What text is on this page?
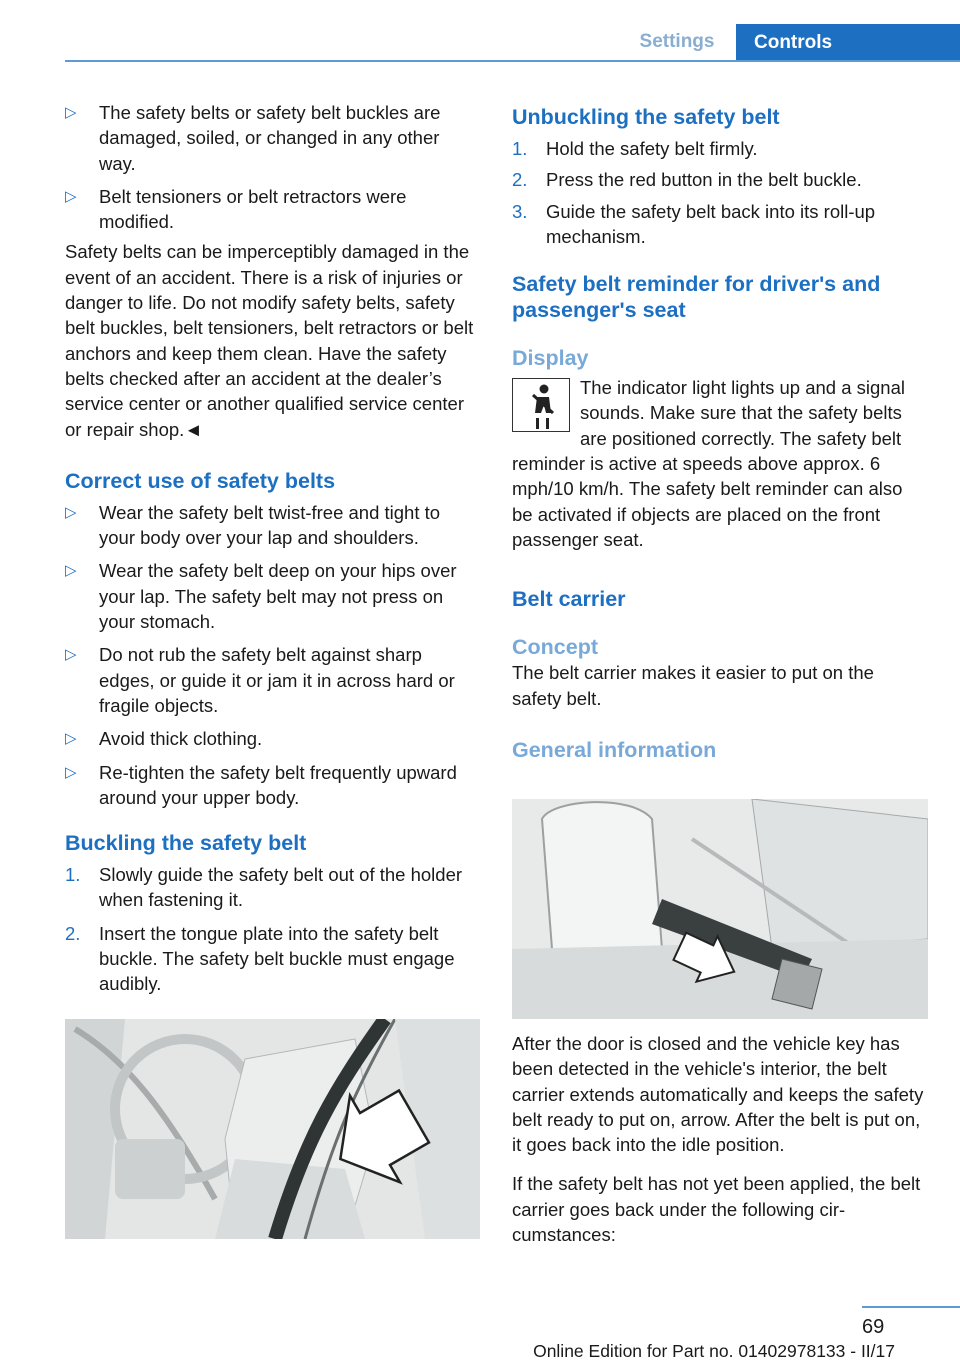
Settings	Controls
▷ The safety belts or safety belt buckles are damaged, soiled, or changed in any other way.
▷ Belt tensioners or belt retractors were modified.
Safety belts can be imperceptibly damaged in the event of an accident. There is a risk of injuries or danger to life. Do not modify safety belts, safety belt buckles, belt tensioners, belt retractors or belt anchors and keep them clean. Have the safety belts checked after an accident at the dealer’s service center or another qualified service center or repair shop.◄
Correct use of safety belts
▷ Wear the safety belt twist-free and tight to your body over your lap and shoulders.
▷ Wear the safety belt deep on your hips over your lap. The safety belt may not press on your stomach.
▷ Do not rub the safety belt against sharp edges, or guide it or jam it in across hard or fragile objects.
▷ Avoid thick clothing.
▷ Re-tighten the safety belt frequently upward around your upper body.
Buckling the safety belt
1. Slowly guide the safety belt out of the holder when fastening it.
2. Insert the tongue plate into the safety belt buckle. The safety belt buckle must engage audibly.
Unbuckling the safety belt
1. Hold the safety belt firmly.
2. Press the red button in the belt buckle.
3. Guide the safety belt back into its roll-up mechanism.
Safety belt reminder for driver's and passenger's seat
Display
The indicator light lights up and a signal sounds. Make sure that the safety belts are positioned correctly. The safety belt reminder is active at speeds above approx. 6 mph/10 km/h. The safety belt reminder can also be activated if objects are placed on the front passenger seat.
Belt carrier
Concept
The belt carrier makes it easier to put on the safety belt.
General information
After the door is closed and the vehicle key has been detected in the vehicle's interior, the belt carrier extends automatically and keeps the safety belt ready to put on, arrow. After the belt is put on, it goes back into the idle position.
If the safety belt has not yet been applied, the belt carrier goes back under the following circumstances:
69
Online Edition for Part no. 01402978133 - II/17
